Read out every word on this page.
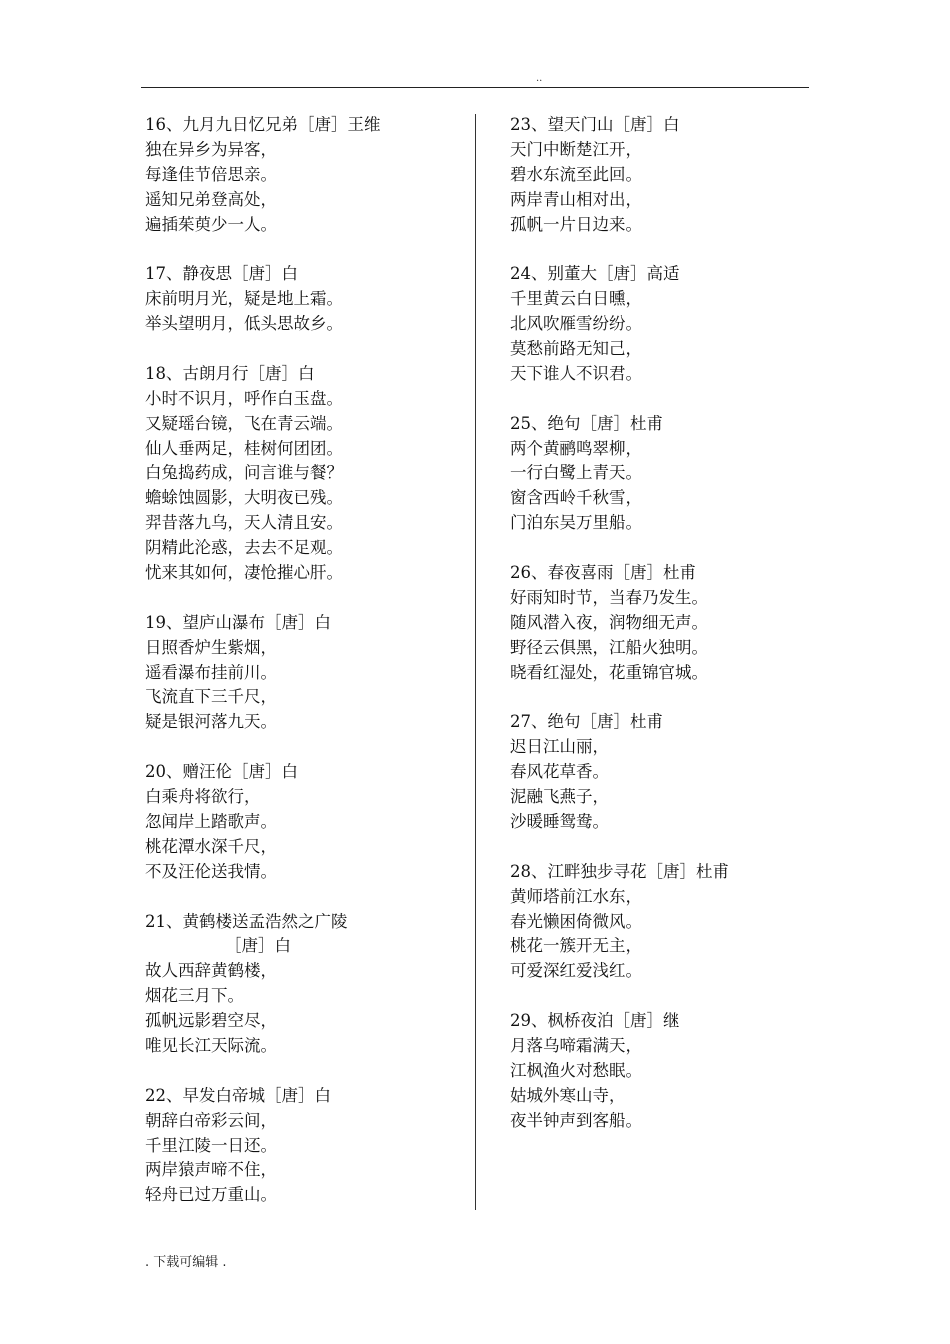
..
16、九月九日忆兄弟［唐］王维
独在异乡为异客，
每逢佳节倍思亲。
遥知兄弟登高处，
遍插茱萸少一人。
17、静夜思［唐］白
床前明月光，疑是地上霜。
举头望明月，低头思故乡。
18、古朗月行［唐］白
小时不识月，呼作白玉盘。
又疑瑶台镜，飞在青云端。
仙人垂两足，桂树何团团。
白兔捣药成，问言谁与餐？
蟾蜍蚀圆影，大明夜已残。
羿昔落九乌，天人清且安。
阴精此沦惑，去去不足观。
忧来其如何，凄怆摧心肝。
19、望庐山瀑布［唐］白
日照香炉生紫烟，
遥看瀑布挂前川。
飞流直下三千尺，
疑是银河落九天。
20、赠汪伦［唐］白
白乘舟将欲行，
忽闻岸上踏歌声。
桃花潭水深千尺，
不及汪伦送我情。
21、黄鹤楼送孟浩然之广陵
［唐］白
故人西辞黄鹤楼，
烟花三月下。
孤帆远影碧空尽，
唯见长江天际流。
22、早发白帝城［唐］白
朝辞白帝彩云间，
千里江陵一日还。
两岸猿声啼不住，
轻舟已过万重山。
23、望天门山［唐］白
天门中断楚江开，
碧水东流至此回。
两岸青山相对出，
孤帆一片日边来。
24、别董大［唐］高适
千里黄云白日曛，
北风吹雁雪纷纷。
莫愁前路无知己，
天下谁人不识君。
25、绝句［唐］杜甫
两个黄鹂鸣翠柳，
一行白鹭上青天。
窗含西岭千秋雪，
门泊东吴万里船。
26、春夜喜雨［唐］杜甫
好雨知时节，当春乃发生。
随风潜入夜，润物细无声。
野径云俱黑，江船火独明。
晓看红湿处，花重锦官城。
27、绝句［唐］杜甫
迟日江山丽，
春风花草香。
泥融飞燕子，
沙暖睡鸳鸯。
28、江畔独步寻花［唐］杜甫
黄师塔前江水东，
春光懒困倚微风。
桃花一簇开无主，
可爱深红爱浅红。
29、枫桥夜泊［唐］继
月落乌啼霜满天，
江枫渔火对愁眠。
姑城外寒山寺，
夜半钟声到客船。
. 下载可编辑 .
